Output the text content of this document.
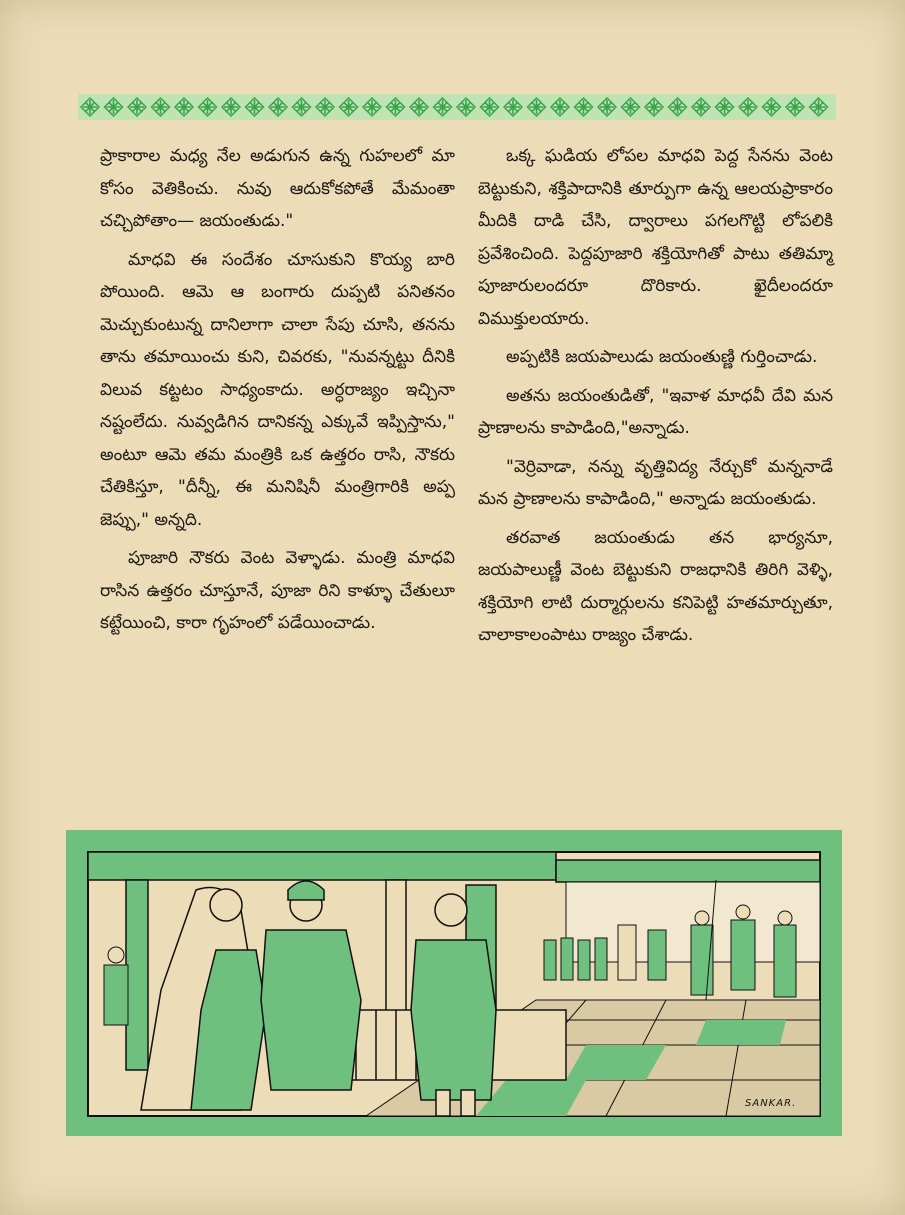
ప్రాకారాల మధ్య నేల అడుగున ఉన్న గుహలలో మా కోసం వెతికించు. నువు ఆదుకోకపోతే మేమంతా చచ్చిపోతాం— జయంతుడు."

మాధవి ఈ సందేశం చూసుకుని కొయ్య బారి పోయింది. ఆమె ఆ బంగారు దుప్పటి పనితనం మెచ్చుకుంటున్న దానిలాగా చాలా సేపు చూసి, తనను తాను తమాయించు కుని, చివరకు, "నువన్నట్టు దీనికి విలువ కట్టటం సాధ్యంకాదు. అర్ధరాజ్యం ఇచ్చినా నష్టంలేదు. నువ్వడిగిన దానికన్న ఎక్కువే ఇప్పిస్తాను," అంటూ ఆమె తమ మంత్రికి ఒక ఉత్తరం రాసి, నౌకరు చేతికిస్తూ, "దీన్నీ, ఈ మనిషినీ మంత్రిగారికి అప్ప జెప్పు," అన్నది.

పూజారి నౌకరు వెంట వెళ్ళాడు. మంత్రి మాధవి రాసిన ఉత్తరం చూస్తూనే, పూజా రిని కాళ్ళూ చేతులూ కట్టేయించి, కారా గృహంలో పడేయించాడు.

ఒక్క ఘడియ లోపల మాధవి పెద్ద సేనను వెంట బెట్టుకుని, శక్తిపాదానికి తూర్పుగా ఉన్న ఆలయప్రాకారం మీదికి దాడి చేసి, ద్వారాలు పగలగొట్టి లోపలికి ప్రవేశించింది. పెద్దపూజారి శక్తియోగితో పాటు తతిమ్మా పూజారులందరూ దొరికారు. ఖైదీలందరూ విముక్తులయారు.

అప్పటికి జయపాలుడు జయంతుణ్ణి గుర్తించాడు.

అతను జయంతుడితో, "ఇవాళ మాధవీ దేవి మన ప్రాణాలను కాపాడింది,"అన్నాడు.

"వెర్రివాడా, నన్ను వృత్తివిద్య నేర్చుకో మన్ననాడే మన ప్రాణాలను కాపాడింది," అన్నాడు జయంతుడు.

తరవాత జయంతుడు తన భార్యనూ, జయపాలుణ్ణీ వెంట బెట్టుకుని రాజధానికి తిరిగి వెళ్ళి, శక్తియోగి లాటి దుర్మార్గులను కనిపెట్టి హతమార్చుతూ, చాలాకాలంపాటు రాజ్యం చేశాడు.

SANKAR.
